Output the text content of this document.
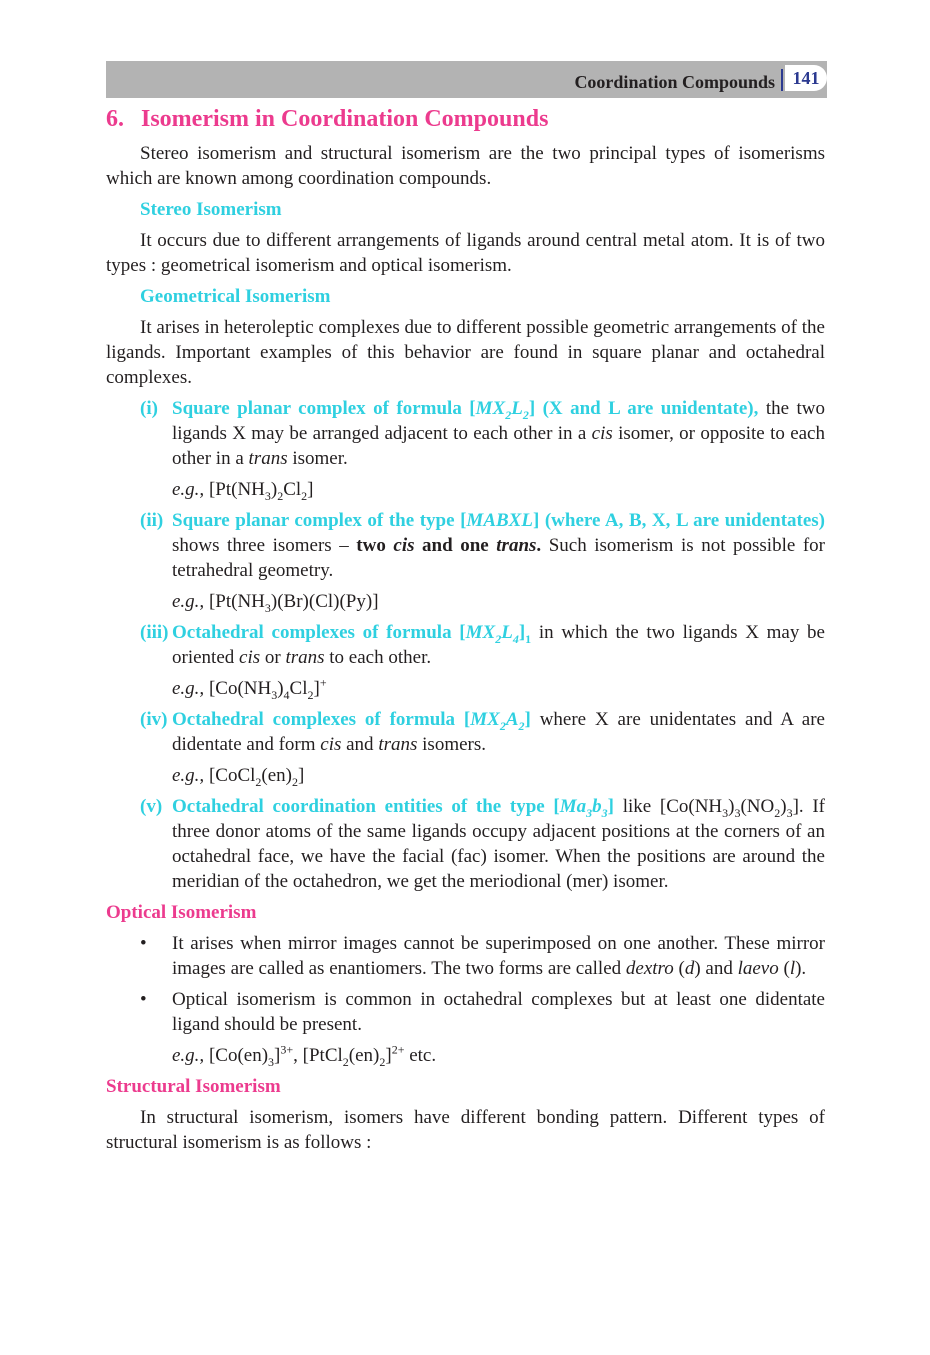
Coordination Compounds 141
6. Isomerism in Coordination Compounds
Stereo isomerism and structural isomerism are the two principal types of isomerisms which are known among coordination compounds.
Stereo Isomerism
It occurs due to different arrangements of ligands around central metal atom. It is of two types : geometrical isomerism and optical isomerism.
Geometrical Isomerism
It arises in heteroleptic complexes due to different possible geometric arrangements of the ligands. Important examples of this behavior are found in square planar and octahedral complexes.
(i) Square planar complex of formula $[MX_2L_2]$ (X and L are unidentate), the two ligands X may be arranged adjacent to each other in a cis isomer, or opposite to each other in a trans isomer.
e.g., $[Pt(NH_3)_2Cl_2]$
(ii) Square planar complex of the type [MABXL] (where A, B, X, L are unidentates) shows three isomers – two cis and one trans. Such isomerism is not possible for tetrahedral geometry.
e.g., $[Pt(NH_3)(Br)(Cl)(Py)]$
(iii) Octahedral complexes of formula $[MX_2L_4]_1$ in which the two ligands X may be oriented cis or trans to each other.
e.g., $[Co(NH_3)_4Cl_2]^+$
(iv) Octahedral complexes of formula $[MX_2A_2]$ where X are unidentates and A are didentate and form cis and trans isomers.
e.g., $[CoCl_2(en)_2]$
(v) Octahedral coordination entities of the type $[Ma_3b_3]$ like $[Co(NH_3)_3(NO_2)_3]$. If three donor atoms of the same ligands occupy adjacent positions at the corners of an octahedral face, we have the facial (fac) isomer. When the positions are around the meridian of the octahedron, we get the meriodional (mer) isomer.
Optical Isomerism
• It arises when mirror images cannot be superimposed on one another. These mirror images are called as enantiomers. The two forms are called dextro (d) and laevo (l).
• Optical isomerism is common in octahedral complexes but at least one didentate ligand should be present.
e.g., $[Co(en)_3]^{3+}$, $[PtCl_2(en)_2]^{2+}$ etc.
Structural Isomerism
In structural isomerism, isomers have different bonding pattern. Different types of structural isomerism is as follows :
